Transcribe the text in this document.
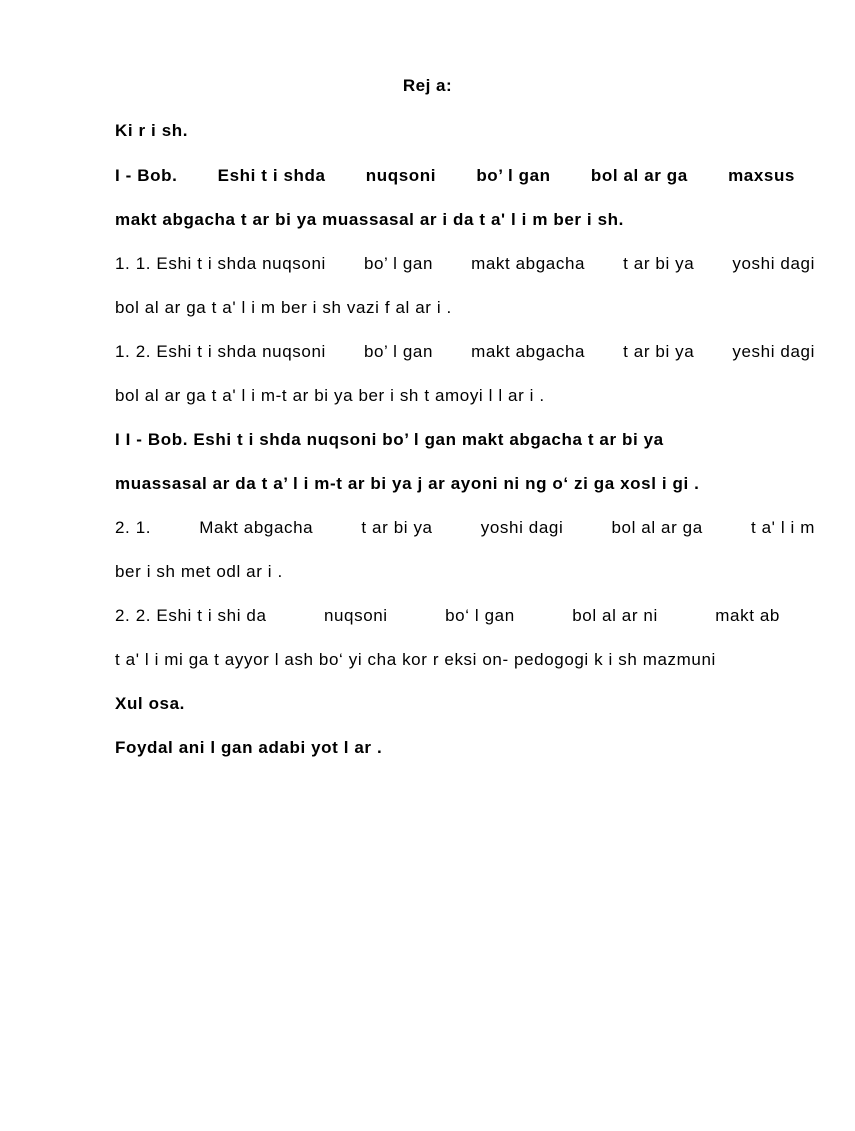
Rej a:
Ki r i sh.
I - Bob. Eshi t i shda nuqsoni bo’ l gan bol al ar ga maxsus
makt abgacha t ar bi ya muassasal ar i da t a' l i m ber i sh.
1. 1. Eshi t i shda nuqsoni bo’ l gan makt abgacha t ar bi ya yoshi dagi
bol al ar ga t a' l i m ber i sh vazi f al ar i .
1. 2. Eshi t i shda nuqsoni bo’ l gan makt abgacha t ar bi ya yeshi dagi
bol al ar ga t a' l i m-t ar bi ya ber i sh t amoyi l l ar i .
I I - Bob. Eshi t i shda nuqsoni bo’ l gan makt abgacha t ar bi ya
muassasal ar da t a’ l i m-t ar bi ya j ar ayoni ni ng o‘ zi ga xosl i gi .
2. 1.	Makt abgacha	t ar bi ya	yoshi dagi	bol al ar ga	t a' l i m
ber i sh met odl ar i .
2. 2. Eshi t i shi da	nuqsoni	bo‘ l gan	bol al ar ni	makt ab
t a' l i mi ga t ayyor l ash bo‘ yi cha kor r eksi on- pedogogi k i sh mazmuni
Xul osa.
Foydal ani l gan adabi yot l ar .
